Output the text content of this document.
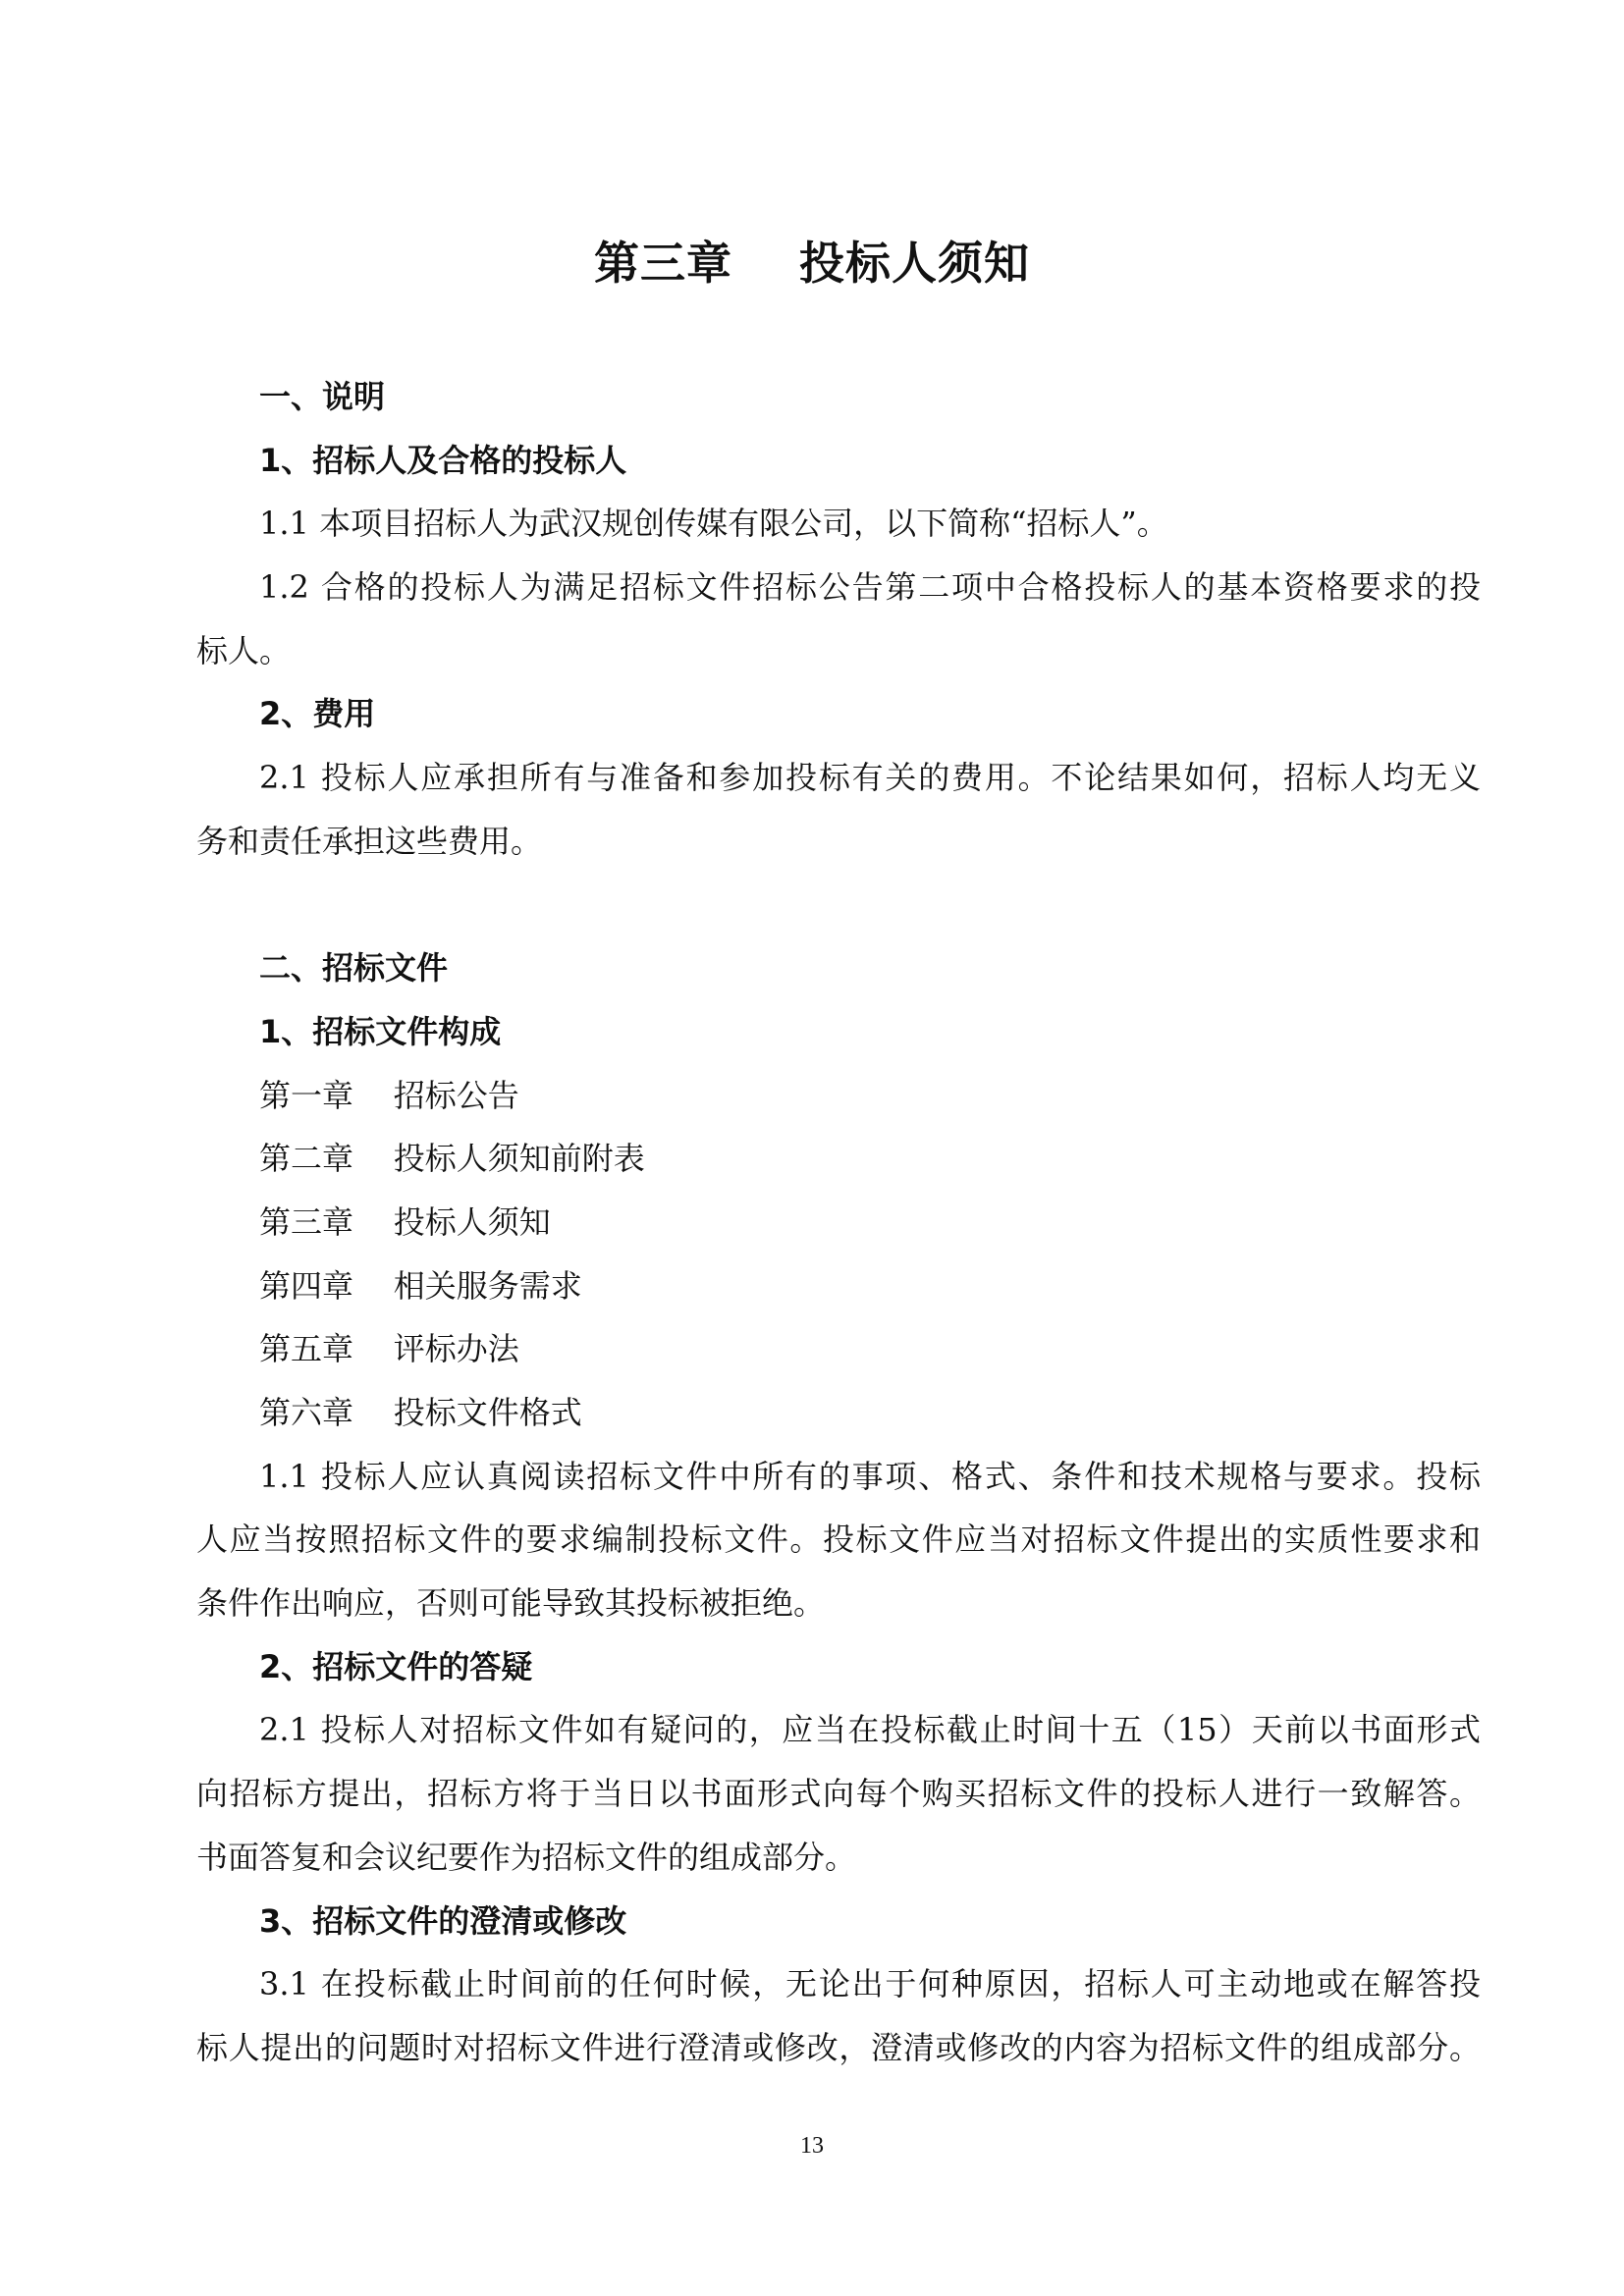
第三章    投标人须知
一、说明
1、招标人及合格的投标人
1.1 本项目招标人为武汉规创传媒有限公司，以下简称“招标人”。
1.2 合格的投标人为满足招标文件招标公告第二项中合格投标人的基本资格要求的投
标人。
2、费用
2.1 投标人应承担所有与准备和参加投标有关的费用。不论结果如何，招标人均无义
务和责任承担这些费用。
二、招标文件
1、招标文件构成
第一章    招标公告
第二章    投标人须知前附表
第三章    投标人须知
第四章    相关服务需求
第五章    评标办法
第六章    投标文件格式
1.1 投标人应认真阅读招标文件中所有的事项、格式、条件和技术规格与要求。投标
人应当按照招标文件的要求编制投标文件。投标文件应当对招标文件提出的实质性要求和
条件作出响应，否则可能导致其投标被拒绝。
2、招标文件的答疑
2.1 投标人对招标文件如有疑问的，应当在投标截止时间十五（15）天前以书面形式
向招标方提出，招标方将于当日以书面形式向每个购买招标文件的投标人进行一致解答。
书面答复和会议纪要作为招标文件的组成部分。
3、招标文件的澄清或修改
3.1 在投标截止时间前的任何时候，无论出于何种原因，招标人可主动地或在解答投
标人提出的问题时对招标文件进行澄清或修改，澄清或修改的内容为招标文件的组成部分。
13
